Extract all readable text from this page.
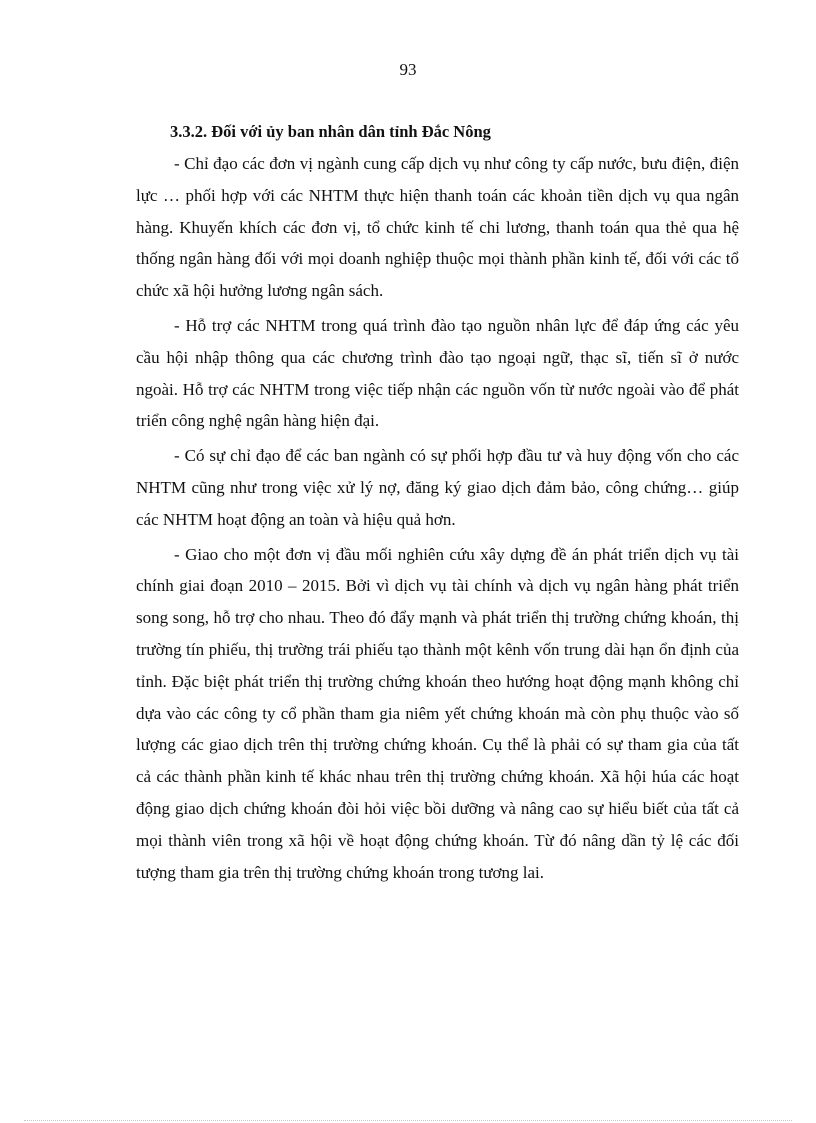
93
3.3.2. Đối với ủy ban nhân dân tỉnh Đắc Nông

- Chỉ đạo các đơn vị ngành cung cấp dịch vụ như công ty cấp nước, bưu điện, điện lực … phối hợp với các NHTM thực hiện thanh toán các khoản tiền dịch vụ qua ngân hàng. Khuyến khích các đơn vị, tổ chức kinh tế chi lương, thanh toán qua thẻ qua hệ thống ngân hàng đối với mọi doanh nghiệp thuộc mọi thành phần kinh tế, đối với các tổ chức xã hội hưởng lương ngân sách.

- Hỗ trợ các NHTM trong quá trình đào tạo nguồn nhân lực để đáp ứng các yêu cầu hội nhập thông qua các chương trình đào tạo ngoại ngữ, thạc sĩ, tiến sĩ ở nước ngoài. Hỗ trợ các NHTM trong việc tiếp nhận các nguồn vốn từ nước ngoài vào để phát triển công nghệ ngân hàng hiện đại.

- Có sự chỉ đạo để các ban ngành có sự phối hợp đầu tư và huy động vốn cho các NHTM cũng như trong việc xử lý nợ, đăng ký giao dịch đảm bảo, công chứng… giúp các NHTM hoạt động an toàn và hiệu quả hơn.

- Giao cho một đơn vị đầu mối nghiên cứu xây dựng đề án phát triển dịch vụ tài chính giai đoạn 2010 – 2015. Bởi vì dịch vụ tài chính và dịch vụ ngân hàng phát triển song song, hỗ trợ cho nhau. Theo đó đẩy mạnh và phát triển thị trường chứng khoán, thị trường tín phiếu, thị trường trái phiếu tạo thành một kênh vốn trung dài hạn ổn định của tỉnh. Đặc biệt phát triển thị trường chứng khoán theo hướng hoạt động mạnh không chỉ dựa vào các công ty cổ phần tham gia niêm yết chứng khoán mà còn phụ thuộc vào số lượng các giao dịch trên thị trường chứng khoán. Cụ thể là phải có sự tham gia của tất cả các thành phần kinh tế khác nhau trên thị trường chứng khoán. Xã hội húa các hoạt động giao dịch chứng khoán đòi hỏi việc bồi dưỡng và nâng cao sự hiểu biết của tất cả mọi thành viên trong xã hội về hoạt động chứng khoán. Từ đó nâng dần tỷ lệ các đối tượng tham gia trên thị trường chứng khoán trong tương lai.
